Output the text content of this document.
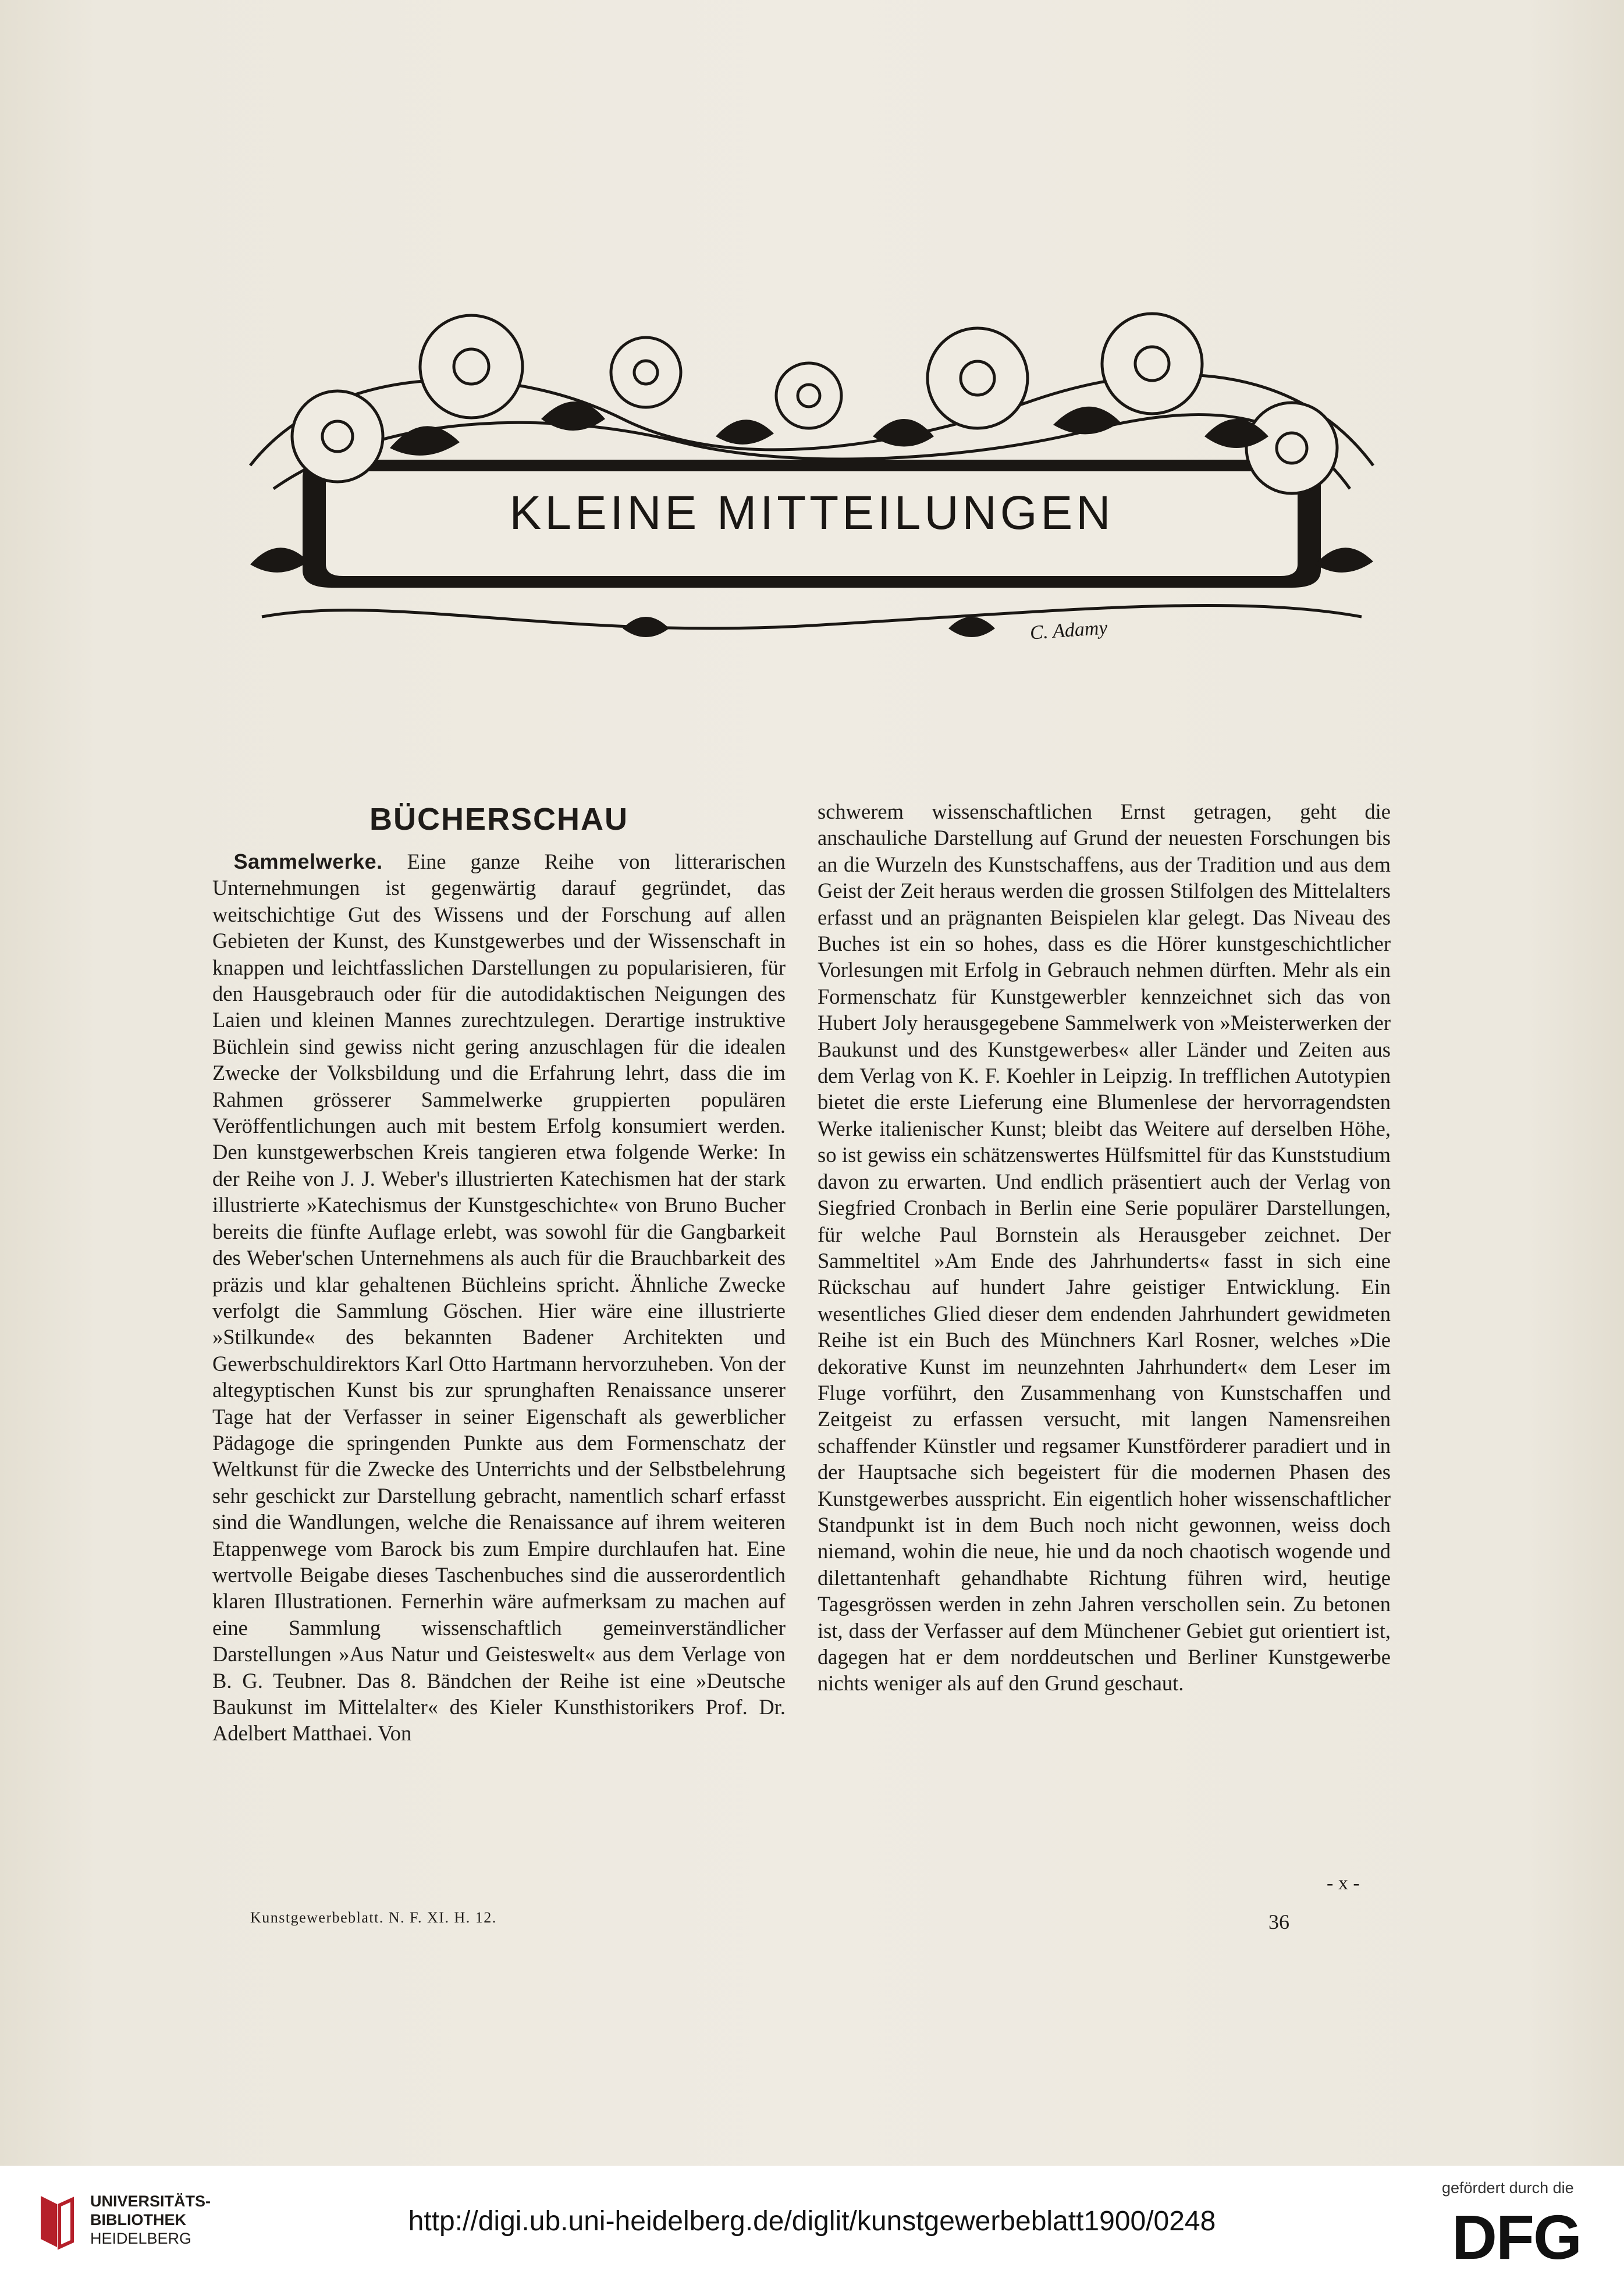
KLEINE MITTEILUNGEN
C. Adamy
BÜCHERSCHAU

 Sammelwerke. Eine ganze Reihe von litterarischen Unternehmungen ist gegenwärtig darauf gegründet, das weitschichtige Gut des Wissens und der Forschung auf allen Gebieten der Kunst, des Kunstgewerbes und der Wissenschaft in knappen und leichtfasslichen Darstellungen zu popularisieren, für den Hausgebrauch oder für die autodidaktischen Neigungen des Laien und kleinen Mannes zurechtzulegen. Derartige instruktive Büchlein sind gewiss nicht gering anzuschlagen für die idealen Zwecke der Volksbildung und die Erfahrung lehrt, dass die im Rahmen grösserer Sammelwerke gruppierten populären Veröffentlichungen auch mit bestem Erfolg konsumiert werden. Den kunstgewerbschen Kreis tangieren etwa folgende Werke: In der Reihe von J. J. Weber's illustrierten Katechismen hat der stark illustrierte »Katechismus der Kunstgeschichte« von Bruno Bucher bereits die fünfte Auflage erlebt, was sowohl für die Gangbarkeit des Weber'schen Unternehmens als auch für die Brauchbarkeit des präzis und klar gehaltenen Büchleins spricht. Ähnliche Zwecke verfolgt die Sammlung Göschen. Hier wäre eine illustrierte »Stilkunde« des bekannten Badener Architekten und Gewerbschuldirektors Karl Otto Hartmann hervorzuheben. Von der altegyptischen Kunst bis zur sprunghaften Renaissance unserer Tage hat der Verfasser in seiner Eigenschaft als gewerblicher Pädagoge die springenden Punkte aus dem Formenschatz der Weltkunst für die Zwecke des Unterrichts und der Selbstbelehrung sehr geschickt zur Darstellung gebracht, namentlich scharf erfasst sind die Wandlungen, welche die Renaissance auf ihrem weiteren Etappenwege vom Barock bis zum Empire durchlaufen hat. Eine wertvolle Beigabe dieses Taschenbuches sind die ausserordentlich klaren Illustrationen. Fernerhin wäre aufmerksam zu machen auf eine Sammlung wissenschaftlich gemeinverständlicher Darstellungen »Aus Natur und Geisteswelt« aus dem Verlage von B. G. Teubner. Das 8. Bändchen der Reihe ist eine »Deutsche Baukunst im Mittelalter« des Kieler Kunsthistorikers Prof. Dr. Adelbert Matthaei. Von

schwerem wissenschaftlichen Ernst getragen, geht die anschauliche Darstellung auf Grund der neuesten Forschungen bis an die Wurzeln des Kunstschaffens, aus der Tradition und aus dem Geist der Zeit heraus werden die grossen Stilfolgen des Mittelalters erfasst und an prägnanten Beispielen klar gelegt. Das Niveau des Buches ist ein so hohes, dass es die Hörer kunstgeschichtlicher Vorlesungen mit Erfolg in Gebrauch nehmen dürften. Mehr als ein Formenschatz für Kunstgewerbler kennzeichnet sich das von Hubert Joly herausgegebene Sammelwerk von »Meisterwerken der Baukunst und des Kunstgewerbes« aller Länder und Zeiten aus dem Verlag von K. F. Koehler in Leipzig. In trefflichen Autotypien bietet die erste Lieferung eine Blumenlese der hervorragendsten Werke italienischer Kunst; bleibt das Weitere auf derselben Höhe, so ist gewiss ein schätzenswertes Hülfsmittel für das Kunststudium davon zu erwarten. Und endlich präsentiert auch der Verlag von Siegfried Cronbach in Berlin eine Serie populärer Darstellungen, für welche Paul Bornstein als Herausgeber zeichnet. Der Sammeltitel »Am Ende des Jahrhunderts« fasst in sich eine Rückschau auf hundert Jahre geistiger Entwicklung. Ein wesentliches Glied dieser dem endenden Jahrhundert gewidmeten Reihe ist ein Buch des Münchners Karl Rosner, welches »Die dekorative Kunst im neunzehnten Jahrhundert« dem Leser im Fluge vorführt, den Zusammenhang von Kunstschaffen und Zeitgeist zu erfassen versucht, mit langen Namensreihen schaffender Künstler und regsamer Kunstförderer paradiert und in der Hauptsache sich begeistert für die modernen Phasen des Kunstgewerbes ausspricht. Ein eigentlich hoher wissenschaftlicher Standpunkt ist in dem Buch noch nicht gewonnen, weiss doch niemand, wohin die neue, hie und da noch chaotisch wogende und dilettantenhaft gehandhabte Richtung führen wird, heutige Tagesgrössen werden in zehn Jahren verschollen sein. Zu betonen ist, dass der Verfasser auf dem Münchener Gebiet gut orientiert ist, dagegen hat er dem norddeutschen und Berliner Kunstgewerbe nichts weniger als auf den Grund geschaut.

Kunstgewerbeblatt. N. F. XI. H. 12.
- x -
36
UNIVERSITÄTS-
BIBLIOTHEK
HEIDELBERG
http://digi.ub.uni-heidelberg.de/diglit/kunstgewerbeblatt1900/0248
gefördert durch die
DFG
